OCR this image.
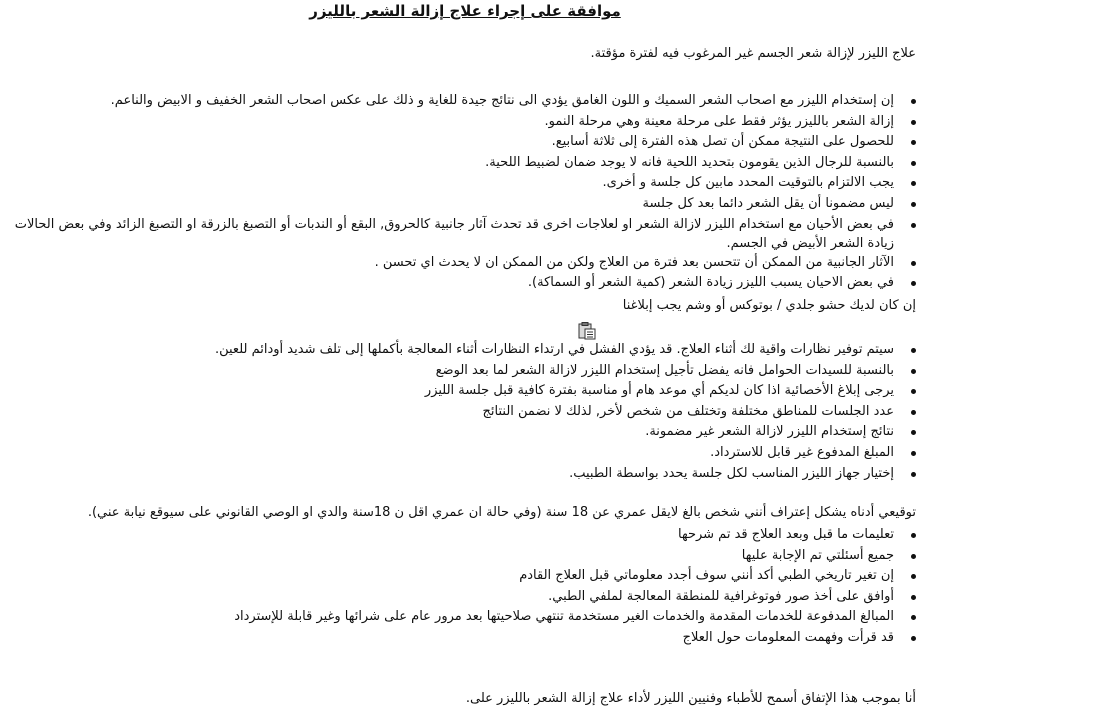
موافقة على إجراء علاج إزالة الشعر بالليزر
علاج الليزر لإزالة شعر الجسم غير المرغوب فيه لفترة مؤقتة.
إن إستخدام الليزر مع اصحاب الشعر السميك و اللون الغامق يؤدي الى نتائج جيدة للغاية و ذلك على عكس اصحاب الشعر الخفيف و الابيض والناعم.
إزالة الشعر بالليزر يؤثر فقط على مرحلة معينة وهي مرحلة النمو.
للحصول على النتيجة ممكن أن تصل هذه الفترة إلى ثلاثة أسابيع.
بالنسبة للرجال الذين يقومون بتحديد اللحية فانه لا يوجد ضمان لضبيط اللحية.
يجب الالتزام بالتوقيت المحدد مابين كل جلسة و أخرى.
ليس مضمونا أن يقل الشعر دائما بعد كل جلسة
في بعض الأحيان مع استخدام الليزر لازالة الشعر او لعلاجات اخرى قد تحدث آثار جانبية كالحروق, البقع أو الندبات أو التصبغ بالزرقة او التصبغ الزائد وفي بعض الحالات زيادة الشعر الأبيض في الجسم.
الآثار الجانبية من الممكن أن تتحسن بعد فترة من العلاج ولكن من الممكن ان لا يحدث اي تحسن .
في بعض الاحيان يسبب الليزر زيادة الشعر (كمية الشعر أو السماكة).
إن كان لديك حشو جلدي / بوتوكس أو وشم يجب إبلاغنا
سيتم توفير نظارات واقية لك أثناء العلاج. قد يؤدي الفشل في ارتداء النظارات أثناء المعالجة بأكملها إلى تلف شديد أودائم للعين.
بالنسبة للسيدات الحوامل فانه يفضل تأجيل إستخدام الليزر لازالة الشعر لما بعد الوضع
يرجى إبلاغ الأخصائية اذا كان لديكم أي موعد هام أو مناسبة بفترة كافية قبل جلسة الليزر
عدد الجلسات للمناطق مختلفة وتختلف من شخص لأخر, لذلك لا نضمن النتائج
نتائج إستخدام الليزر لازالة الشعر غير مضمونة.
المبلغ المدفوع غير قابل للاسترداد.
إختيار جهاز الليزر المناسب لكل جلسة يحدد بواسطة الطبيب.
توقيعي أدناه يشكل إعتراف أنني شخص بالغ لايقل عمري عن 18 سنة (وفي حالة ان عمري اقل ن 18سنة والدي او الوصي القانوني على سيوقع نيابة عني).
تعليمات ما قبل وبعد العلاج قد تم شرحها
جميع أسئلتي تم الإجابة عليها
إن تغير تاريخي الطبي أكد أنني سوف أجدد معلوماتي قبل العلاج القادم
أوافق على أخذ صور فوتوغرافية للمنطقة المعالجة لملفي الطبي.
المبالغ المدفوعة للخدمات المقدمة والخدمات الغير مستخدمة تنتهي صلاحيتها بعد مرور عام على شرائها وغير قابلة للإسترداد
قد قرأت وفهمت المعلومات حول العلاج
أنا بموجب هذا الإتفاق أسمح للأطباء وفنيين الليزر لأداء علاج إزالة الشعر بالليزر على.
